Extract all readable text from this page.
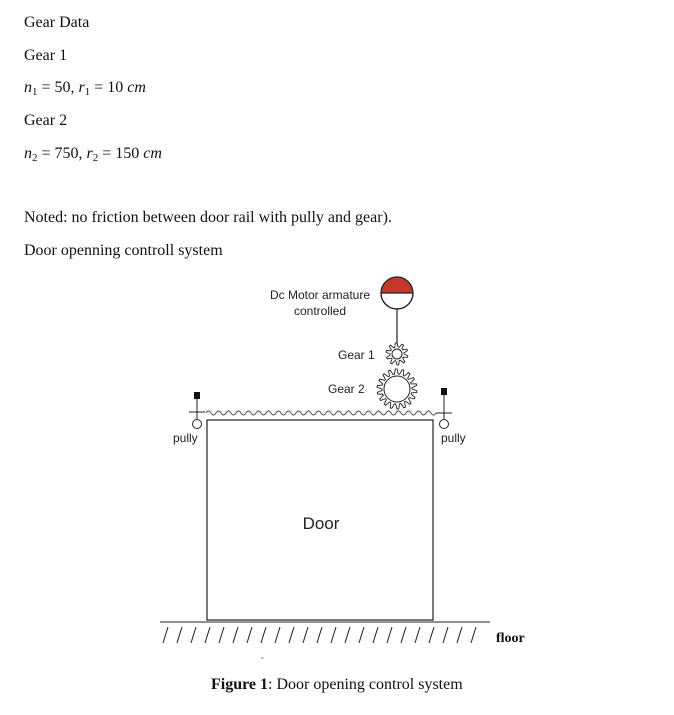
Gear Data
Gear 1
$n_1 = 50$, $r_1 = 10$ cm
Gear 2
$n_2 = 750$, $r_2 = 150$ cm
Noted: no friction between door rail with pully and gear).
Door openning controll system
Dc Motor armature
controlled
Gear 1
Gear 2
pully	pully
Door
floor
˘
Figure 1: Door opening control system
